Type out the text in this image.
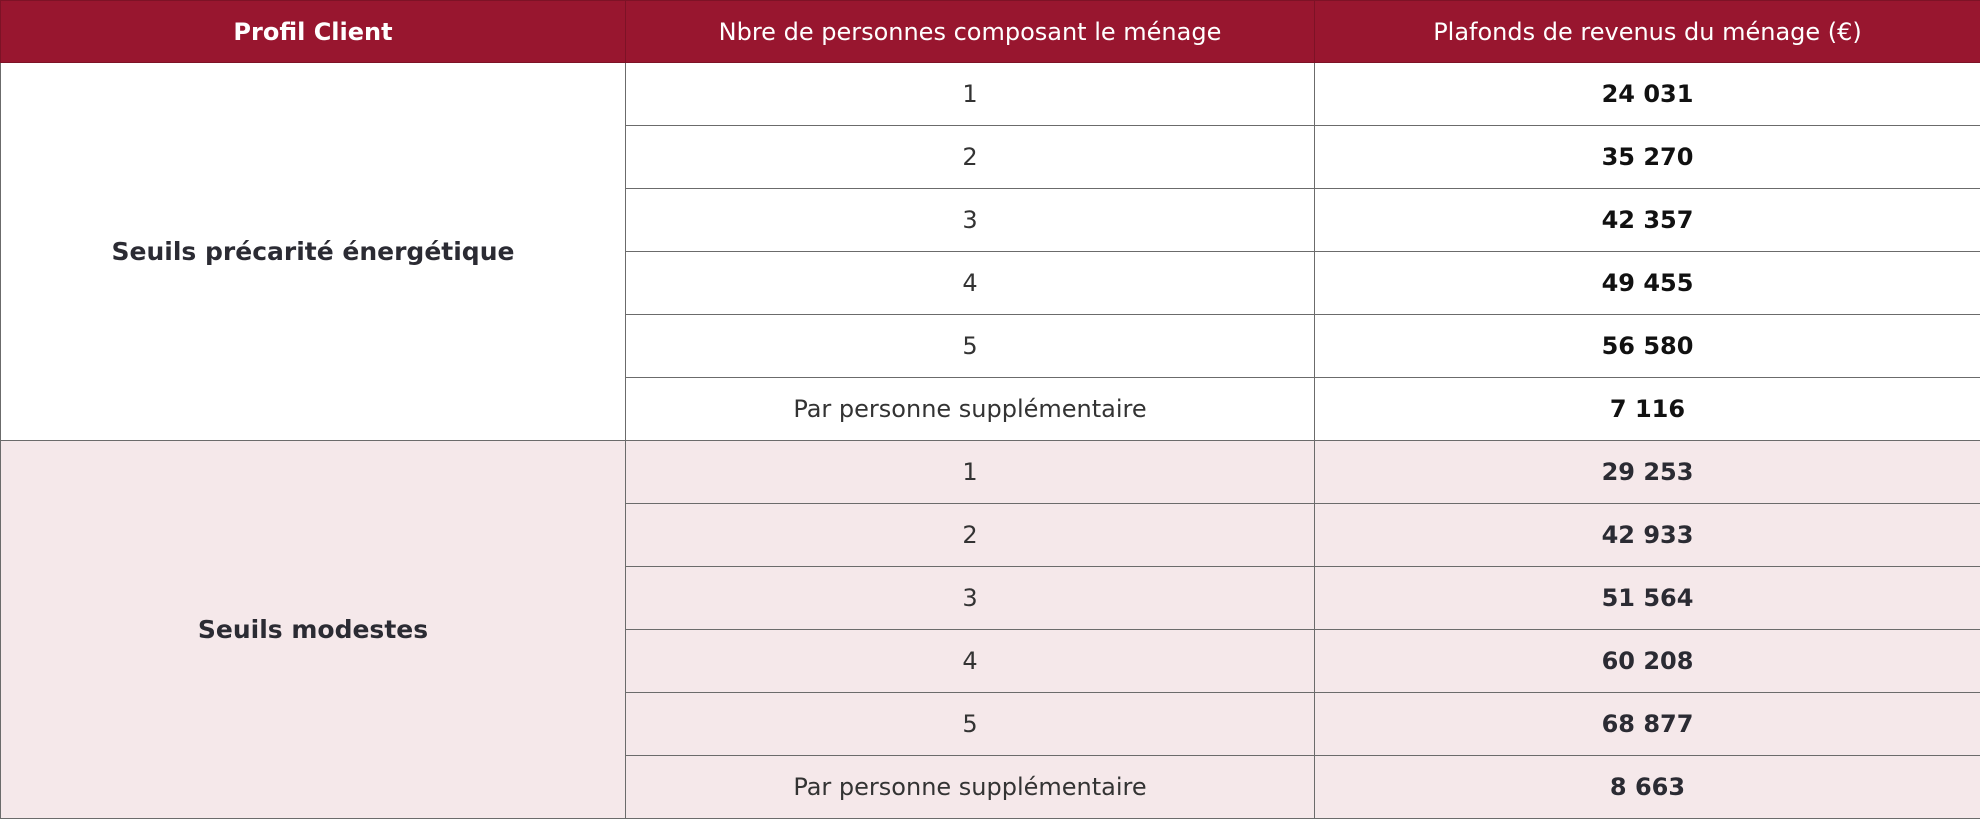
Profil Client	Nbre de personnes composant le ménage	Plafonds de revenus du ménage (€)
Seuils précarité énergétique	1	24 031
	2	35 270
	3	42 357
	4	49 455
	5	56 580
	Par personne supplémentaire	7 116
Seuils modestes	1	29 253
	2	42 933
	3	51 564
	4	60 208
	5	68 877
	Par personne supplémentaire	8 663
